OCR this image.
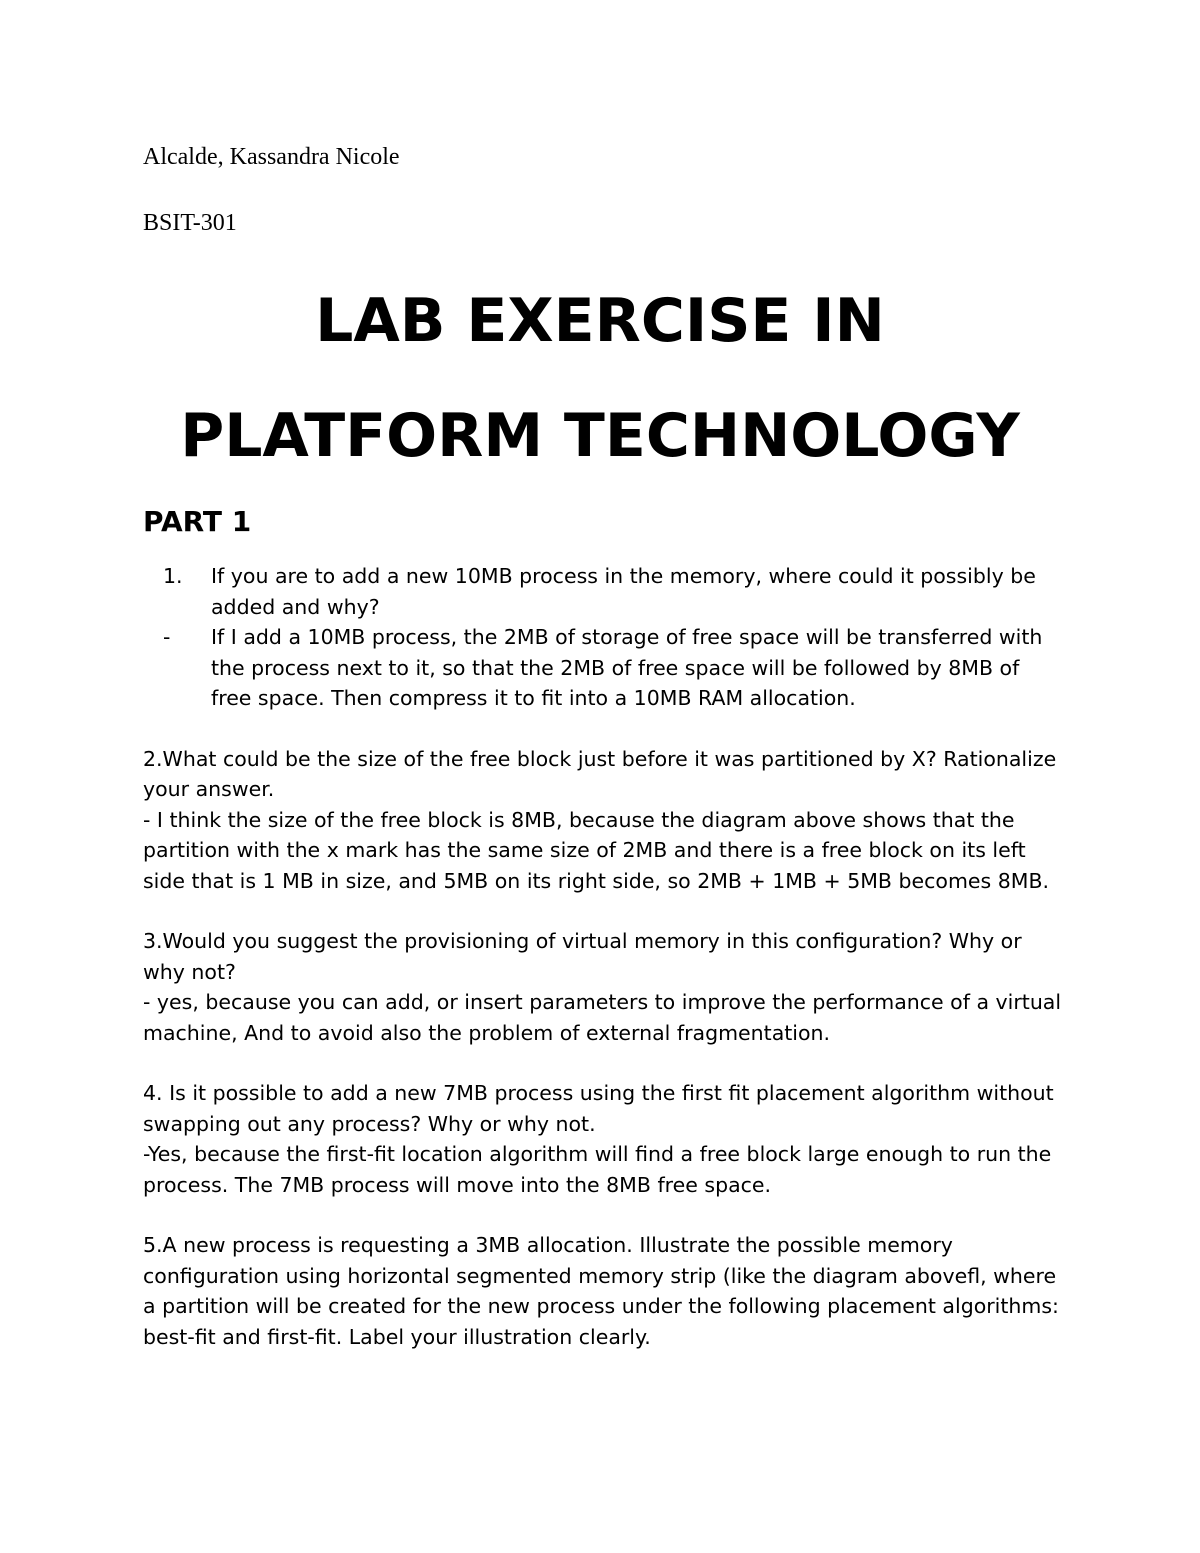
Alcalde, Kassandra Nicole
BSIT-301
LAB EXERCISE IN
PLATFORM TECHNOLOGY
PART 1
1.	If you are to add a new 10MB process in the memory, where could it possibly be added and why?
-	If I add a 10MB process, the 2MB of storage of free space will be transferred with the process next to it, so that the 2MB of free space will be followed by 8MB of free space. Then compress it to fit into a 10MB RAM allocation.
2.What could be the size of the free block just before it was partitioned by X? Rationalize your answer.
- I think the size of the free block is 8MB, because the diagram above shows that the partition with the x mark has the same size of 2MB and there is a free block on its left side that is 1 MB in size, and 5MB on its right side, so 2MB + 1MB + 5MB becomes 8MB.
3.Would you suggest the provisioning of virtual memory in this configuration? Why or why not?
- yes, because you can add, or insert parameters to improve the performance of a virtual machine, And to avoid also the problem of external fragmentation.
4. Is it possible to add a new 7MB process using the first fit placement algorithm without swapping out any process? Why or why not.
-Yes, because the first-fit location algorithm will find a free block large enough to run the process. The 7MB process will move into the 8MB free space.
5.A new process is requesting a 3MB allocation. Illustrate the possible memory configuration using horizontal segmented memory strip (like the diagram abovefl, where a partition will be created for the new process under the following placement algorithms: best-fit and first-fit. Label your illustration clearly.
